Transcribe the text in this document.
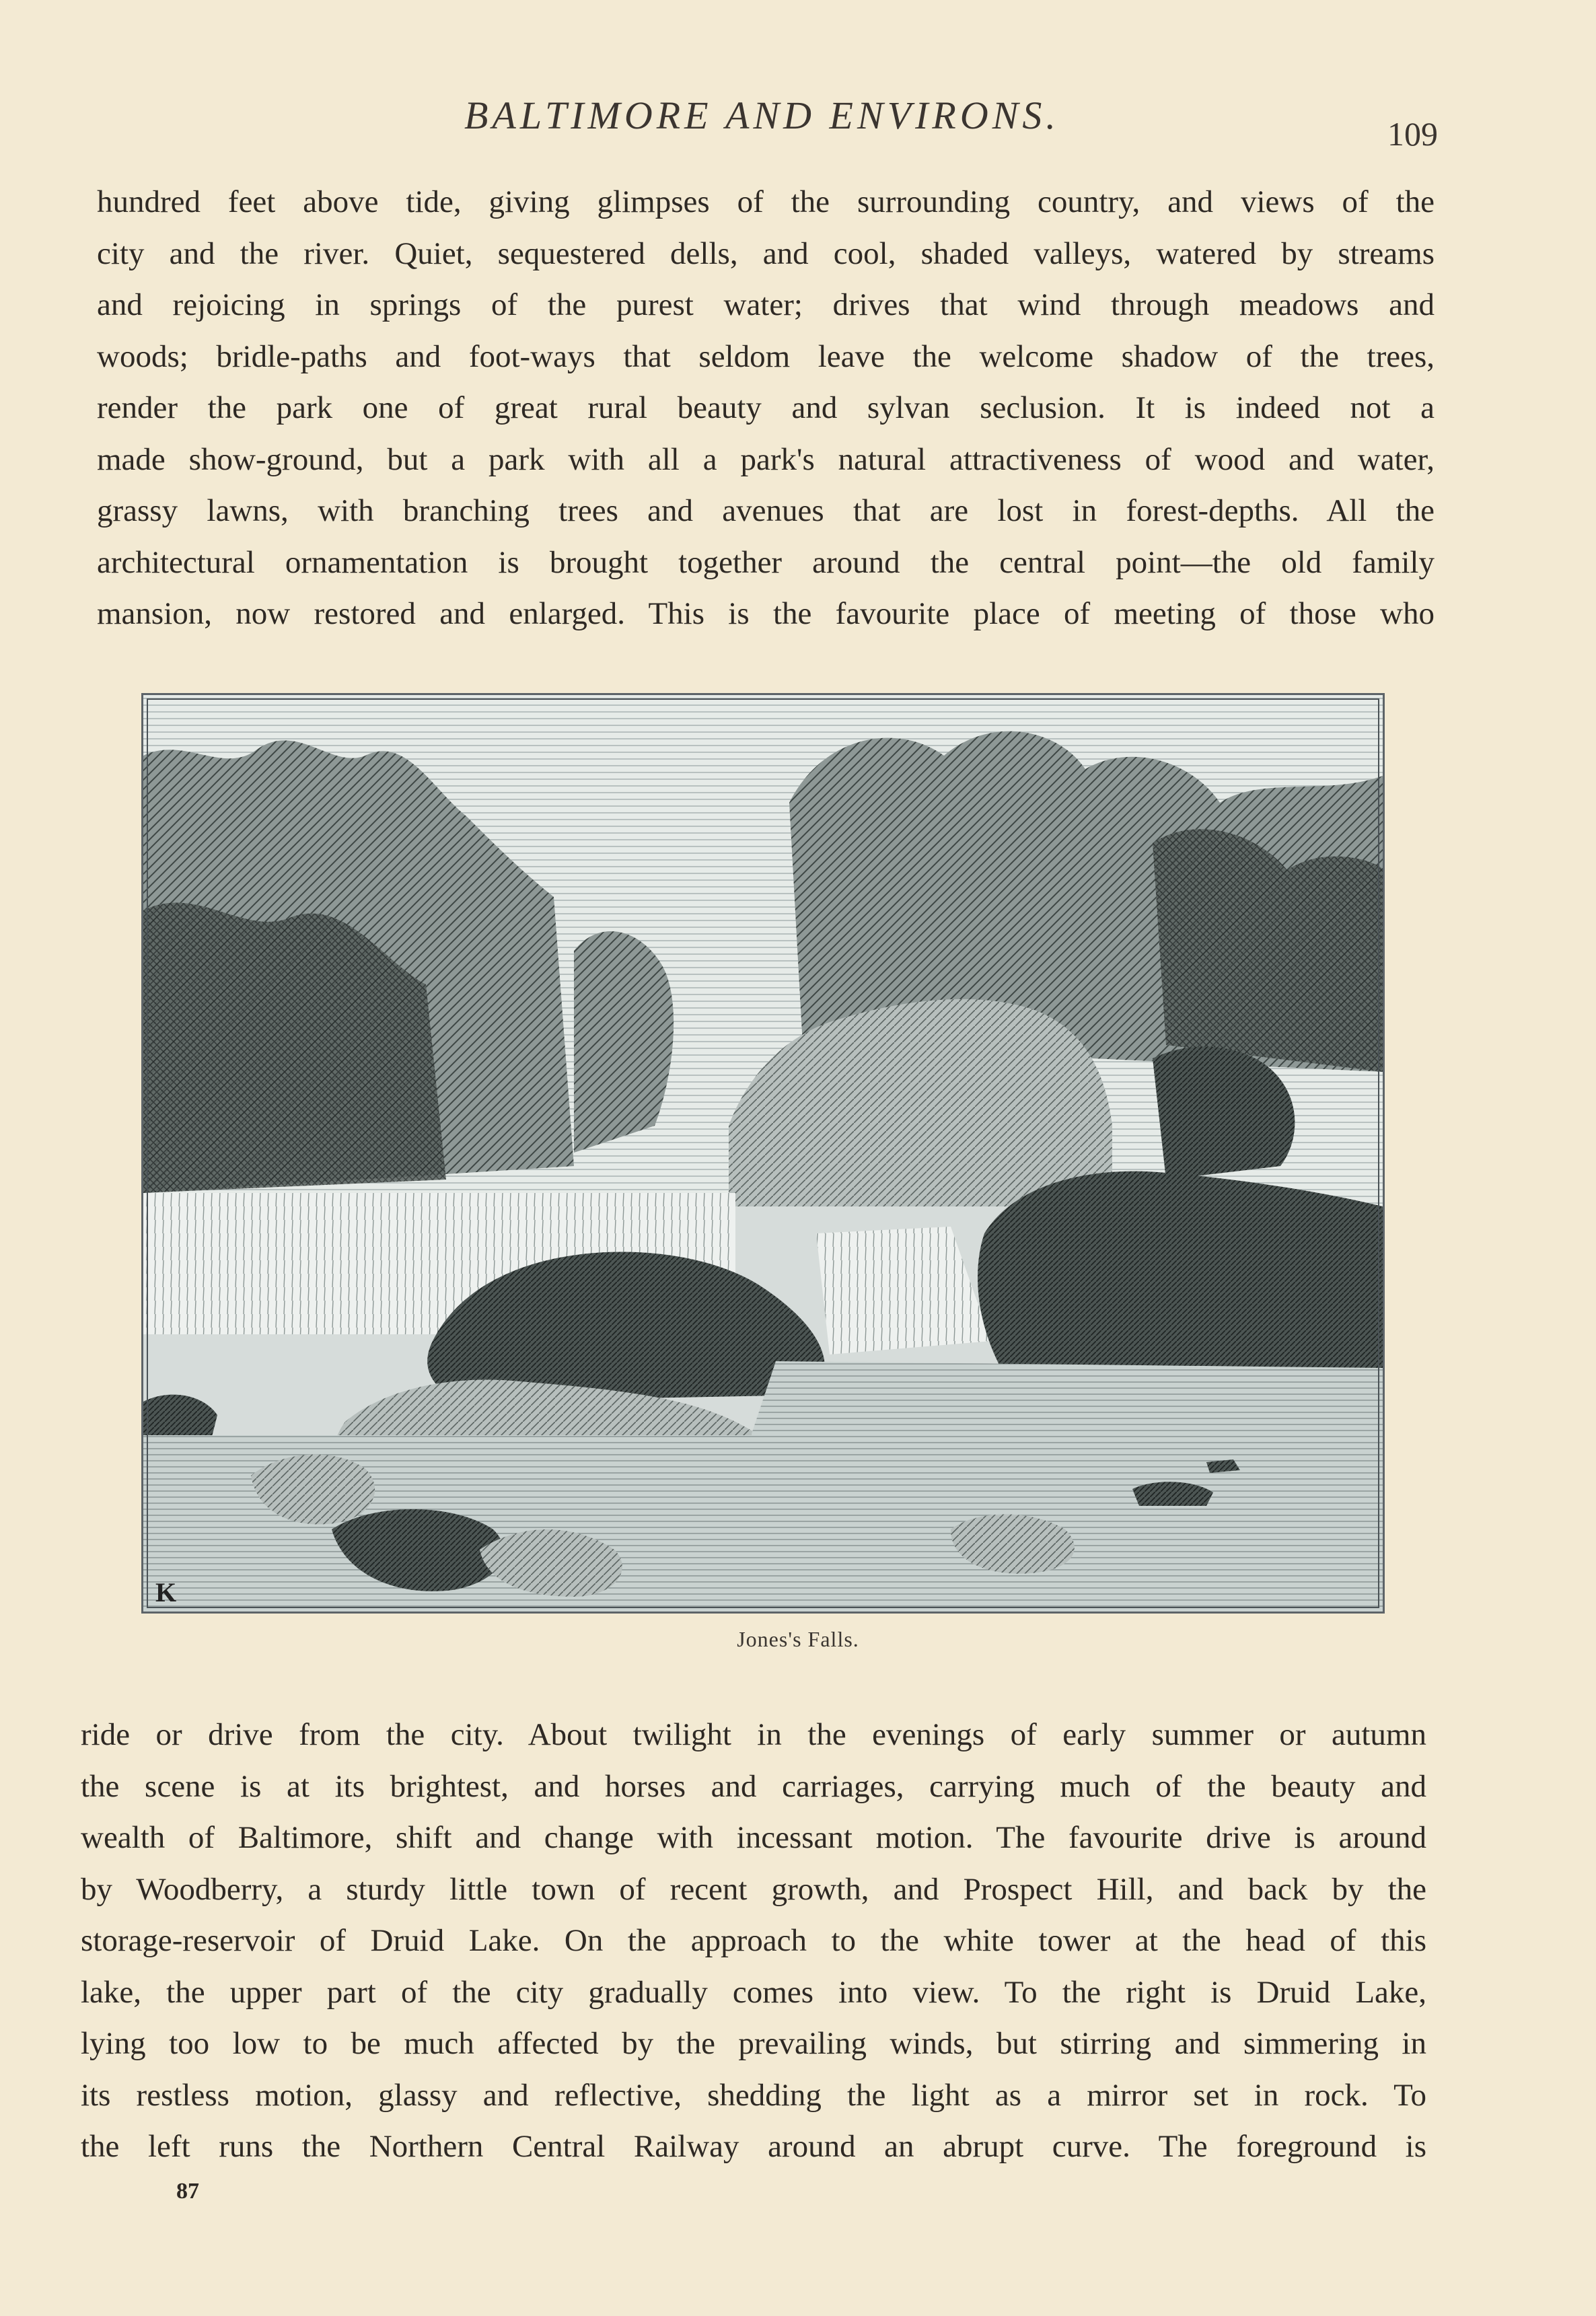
BALTIMORE AND ENVIRONS.	109
hundred feet above tide, giving glimpses of the surrounding country, and views of the
city and the river. Quiet, sequestered dells, and cool, shaded valleys, watered by streams
and rejoicing in springs of the purest water; drives that wind through meadows and
woods; bridle-paths and foot-ways that seldom leave the welcome shadow of the trees,
render the park one of great rural beauty and sylvan seclusion. It is indeed not a
made show-ground, but a park with all a park's natural attractiveness of wood and water,
grassy lawns, with branching trees and avenues that are lost in forest-depths. All the
architectural ornamentation is brought together around the central point—the old family
mansion, now restored and enlarged. This is the favourite place of meeting of those who
K
Jones's Falls.
ride or drive from the city. About twilight in the evenings of early summer or autumn
the scene is at its brightest, and horses and carriages, carrying much of the beauty and
wealth of Baltimore, shift and change with incessant motion. The favourite drive is around
by Woodberry, a sturdy little town of recent growth, and Prospect Hill, and back by the
storage-reservoir of Druid Lake. On the approach to the white tower at the head of this
lake, the upper part of the city gradually comes into view. To the right is Druid Lake,
lying too low to be much affected by the prevailing winds, but stirring and simmering in
its restless motion, glassy and reflective, shedding the light as a mirror set in rock. To
the left runs the Northern Central Railway around an abrupt curve. The foreground is
87
